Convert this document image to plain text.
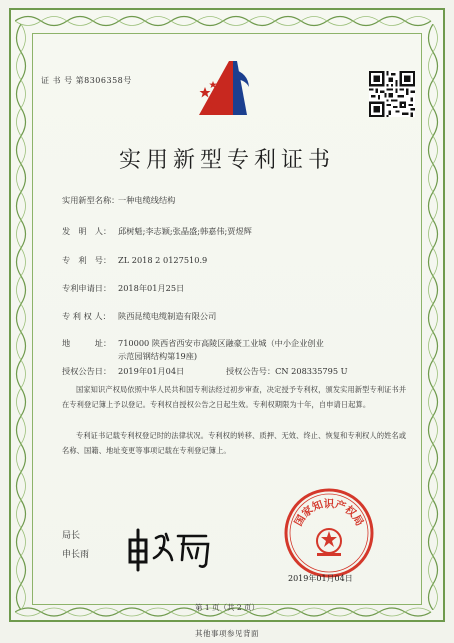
证 书 号 第8306358号
实用新型专利证书
实用新型名称：一种电缆线结构
发　明　人： 邱树魁;李志颖;张晶盛;韩嘉伟;贾煜辉
专　利　号： ZL 2018 2 0127510.9
专利申请日： 2018年01月25日
专 利 权 人： 陕西昆缆电缆制造有限公司
地　　　址： 710000 陕西省西安市高陵区融豪工业城（中小企业创业
示范园钢结构第19座)
授权公告日： 2019年01月04日	授权公告号：CN 208335795 U
国家知识产权局依照中华人民共和国专利法经过初步审查，决定授予专利权，颁发实用新型专利证书并在专利登记簿上予以登记。专利权自授权公告之日起生效。专利权期限为十年，自申请日起算。
专利证书记载专利权登记时的法律状况。专利权的转移、质押、无效、终止、恢复和专利权人的姓名或名称、国籍、地址变更等事项记载在专利登记簿上。
局长
申长雨
国家知识产权局
2019年01月04日
第 1 页（共 2 页）
其他事项参见背面
